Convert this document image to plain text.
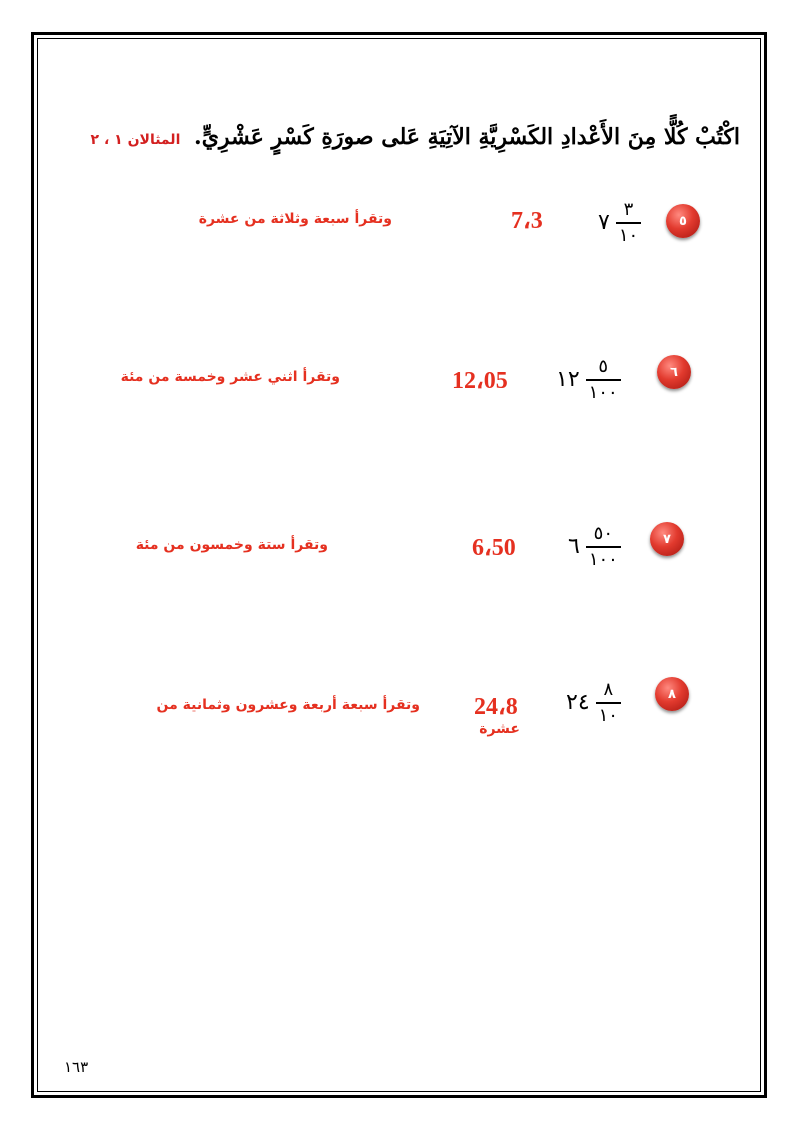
اكْتُبْ كُلًّا مِنَ الأَعْدادِ الكَسْرِيَّةِ الآتِيَةِ عَلى صورَةِ كَسْرٍ عَشْرِيٍّ. المثالان ١ ، ٢
٥
٧ $\frac{٣}{١٠}$
7،3
وتقرأ سبعة وثلاثة من عشرة
٦
١٢ $\frac{٥}{١٠٠}$
12،05
وتقرأ اثني عشر وخمسة من مئة
٧
٦ $\frac{٥٠}{١٠٠}$
6،50
وتقرأ ستة وخمسون من مئة
٨
٢٤ $\frac{٨}{١٠}$
24،8
وتقرأ سبعة أربعة وعشرون وثمانية من
عشرة
١٦٣
